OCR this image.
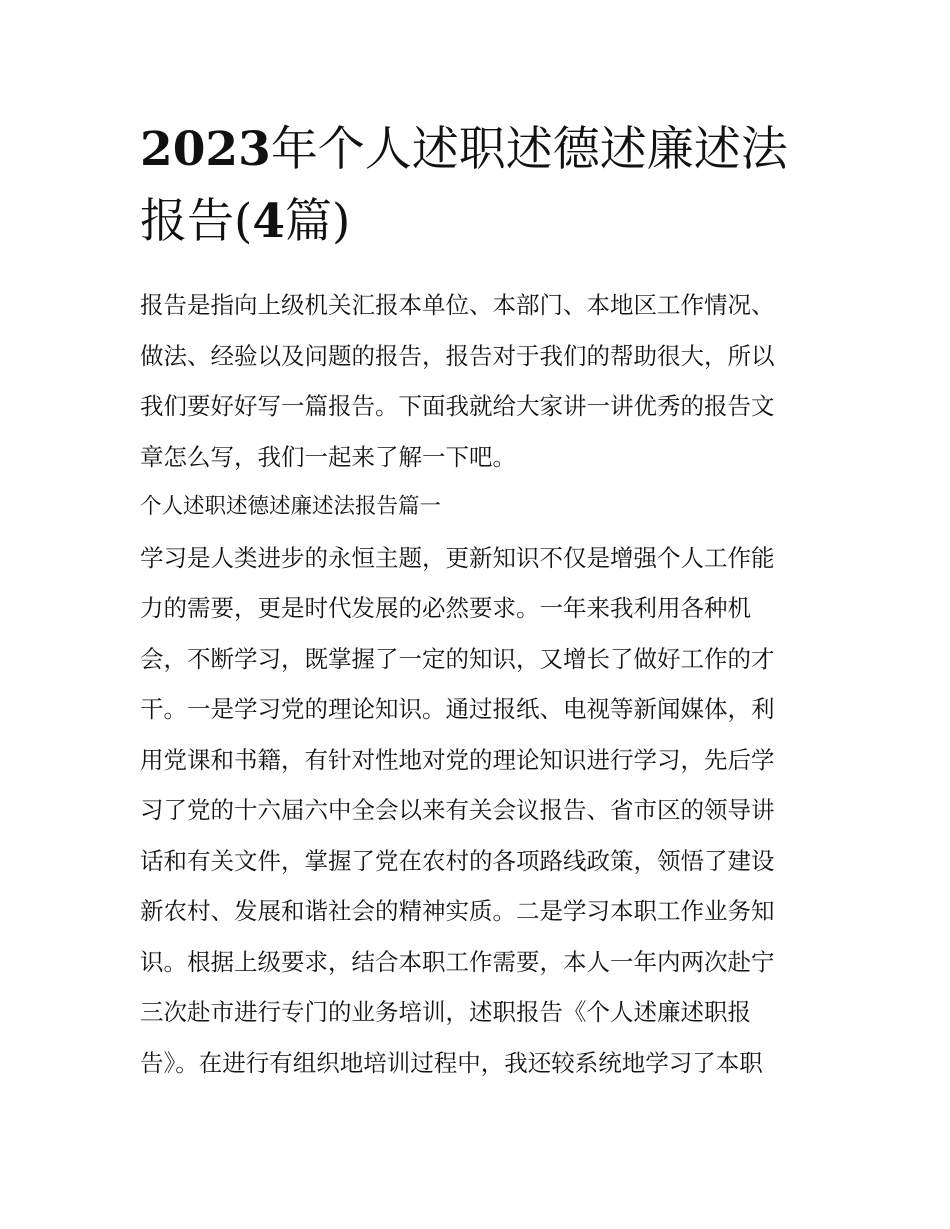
2023年个人述职述德述廉述法
报告(4篇)
报告是指向上级机关汇报本单位、本部门、本地区工作情况、
做法、经验以及问题的报告，报告对于我们的帮助很大，所以
我们要好好写一篇报告。下面我就给大家讲一讲优秀的报告文
章怎么写，我们一起来了解一下吧。
个人述职述德述廉述法报告篇一
学习是人类进步的永恒主题，更新知识不仅是增强个人工作能
力的需要，更是时代发展的必然要求。一年来我利用各种机
会，不断学习，既掌握了一定的知识，又增长了做好工作的才
干。一是学习党的理论知识。通过报纸、电视等新闻媒体，利
用党课和书籍，有针对性地对党的理论知识进行学习，先后学
习了党的十六届六中全会以来有关会议报告、省市区的领导讲
话和有关文件，掌握了党在农村的各项路线政策，领悟了建设
新农村、发展和谐社会的精神实质。二是学习本职工作业务知
识。根据上级要求，结合本职工作需要，本人一年内两次赴宁
三次赴市进行专门的业务培训，述职报告《个人述廉述职报
告》。在进行有组织地培训过程中，我还较系统地学习了本职
